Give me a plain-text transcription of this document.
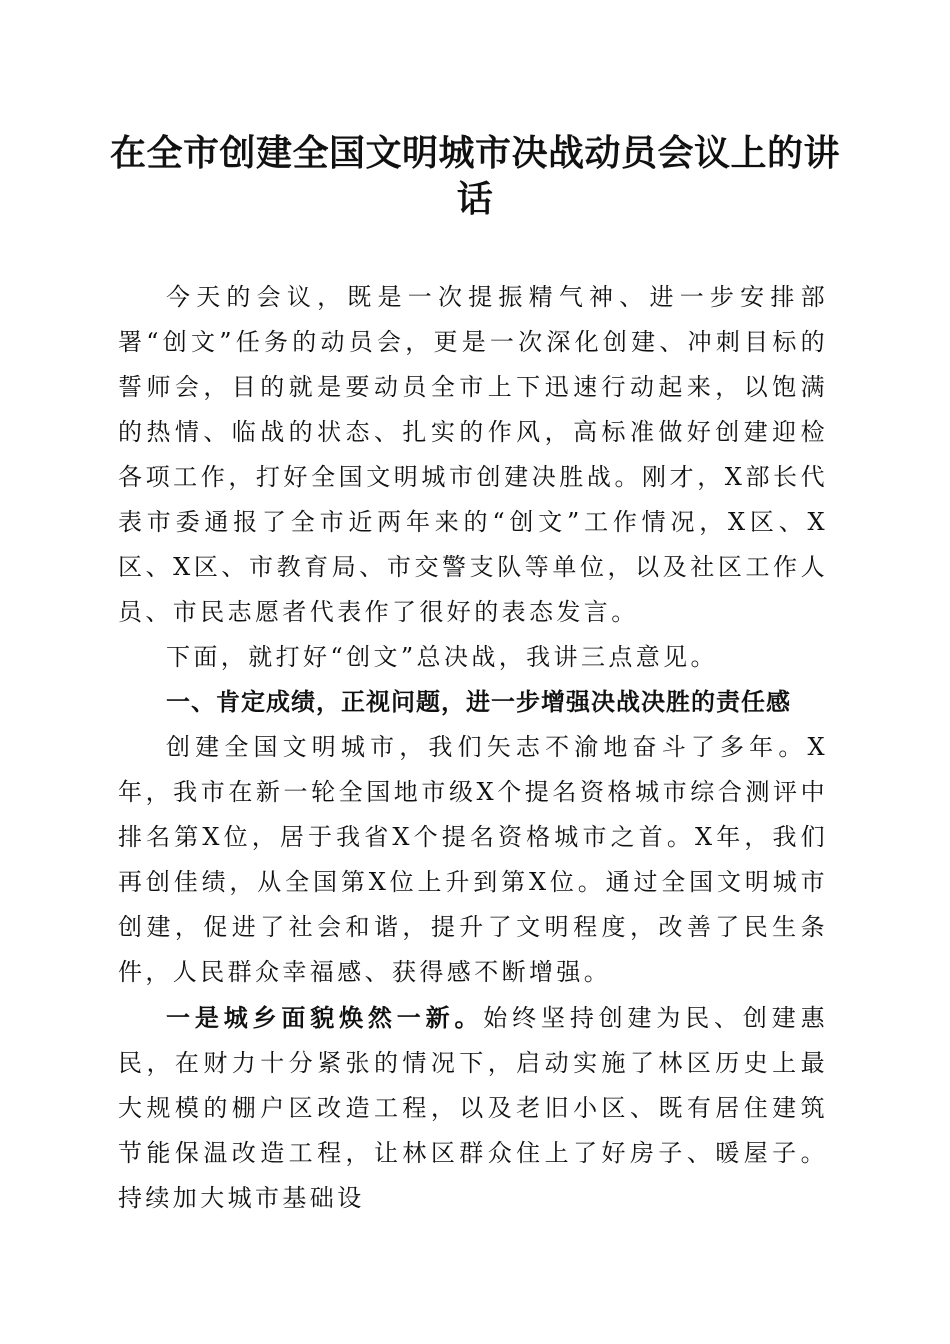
在全市创建全国文明城市决战动员会议上的讲话

今天的会议，既是一次提振精气神、进一步安排部署“创文”任务的动员会，更是一次深化创建、冲刺目标的誓师会，目的就是要动员全市上下迅速行动起来，以饱满的热情、临战的状态、扎实的作风，高标准做好创建迎检各项工作，打好全国文明城市创建决胜战。刚才，X部长代表市委通报了全市近两年来的“创文”工作情况，X区、X区、X区、市教育局、市交警支队等单位，以及社区工作人员、市民志愿者代表作了很好的表态发言。

下面，就打好“创文”总决战，我讲三点意见。

一、肯定成绩，正视问题，进一步增强决战决胜的责任感

创建全国文明城市，我们矢志不渝地奋斗了多年。X年，我市在新一轮全国地市级X个提名资格城市综合测评中排名第X位，居于我省X个提名资格城市之首。X年，我们再创佳绩，从全国第X位上升到第X位。通过全国文明城市创建，促进了社会和谐，提升了文明程度，改善了民生条件，人民群众幸福感、获得感不断增强。

一是城乡面貌焕然一新。始终坚持创建为民、创建惠民，在财力十分紧张的情况下，启动实施了林区历史上最大规模的棚户区改造工程，以及老旧小区、既有居住建筑节能保温改造工程，让林区群众住上了好房子、暖屋子。持续加大城市基础设
